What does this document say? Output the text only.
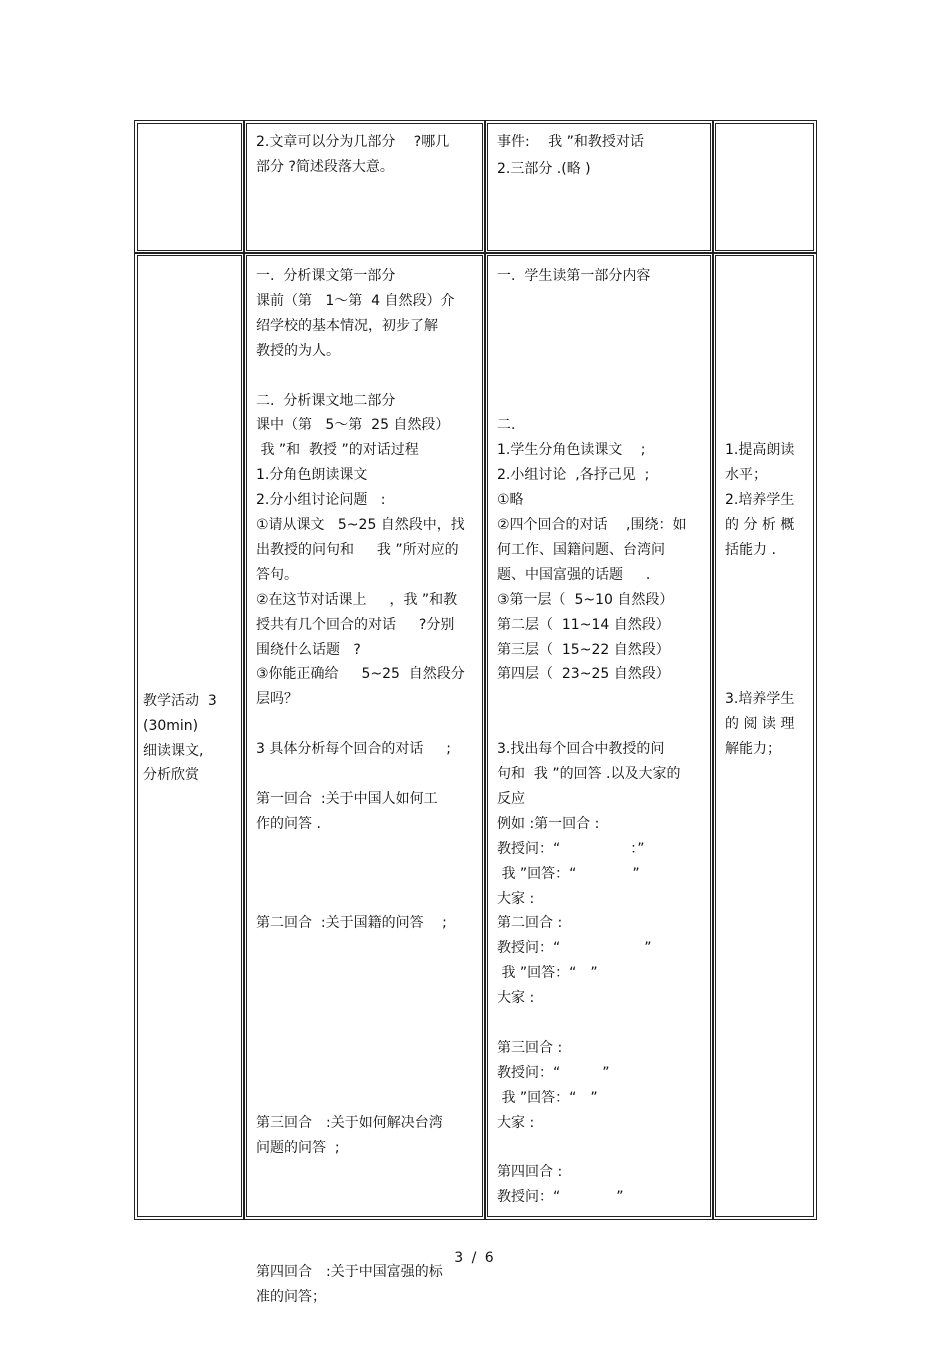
2.文章可以分为几部分　 ?哪几
部分 ?简述段落大意。
事件:　 我 ”和教授对话
2.三部分 .(略 )
教学活动  3
(30min)
细读课文,
分析欣赏
一.  分析课文第一部分
课前（第   1～第  4 自然段）介
绍学校的基本情况，初步了解
教授的为人。
二.  分析课文地二部分
课中（第   5～第  25 自然段）
我 ”和  教授 ”的对话过程
1.分角色朗读课文
2.分小组讨论问题   :
①请从课文   5~25 自然段中，找
出教授的问句和　  我 ”所对应的
答句。
②在这节对话课上　  ，我 ”和教
授共有几个回合的对话　  ?分别
围绕什么话题   ?
③你能正确给　  5~25  自然段分
层吗？
3 具体分析每个回合的对话　  ;
第一回合  :关于中国人如何工
作的问答 .
第二回合  :关于国籍的问答　 ;
第三回合　:关于如何解决台湾
问题的问答  ;
第四回合　:关于中国富强的标
准的问答；
一.  学生读第一部分内容
二.
1.学生分角色读课文　 ;
2.小组讨论  ,各抒己见  ;
①略
②四个回合的对话　 ,围绕：如
何工作、国籍问题、台湾问
题、中国富强的话题　  .
③第一层（  5~10 自然段）
第二层（  11~14 自然段）
第三层（  15~22 自然段）
第四层（  23~25 自然段）
3.找出每个回合中教授的问
句和  我 ”的回答 .以及大家的
反应
例如 :第一回合 :
教授问：“　　　　　：”
我 ”回答：“　　　　”
大家 :
第二回合 :
教授问：“　　　　　　”
我 ”回答：“　”
大家 :
第三回合 :
教授问：“　　　”
我 ”回答：“　”
大家 :
第四回合 :
教授问：“　　　　”
1.提高朗读
水平；
2.培养学生
的 分 析 概
括能力 .
3.培养学生
的 阅 读 理
解能力；
3 / 6
